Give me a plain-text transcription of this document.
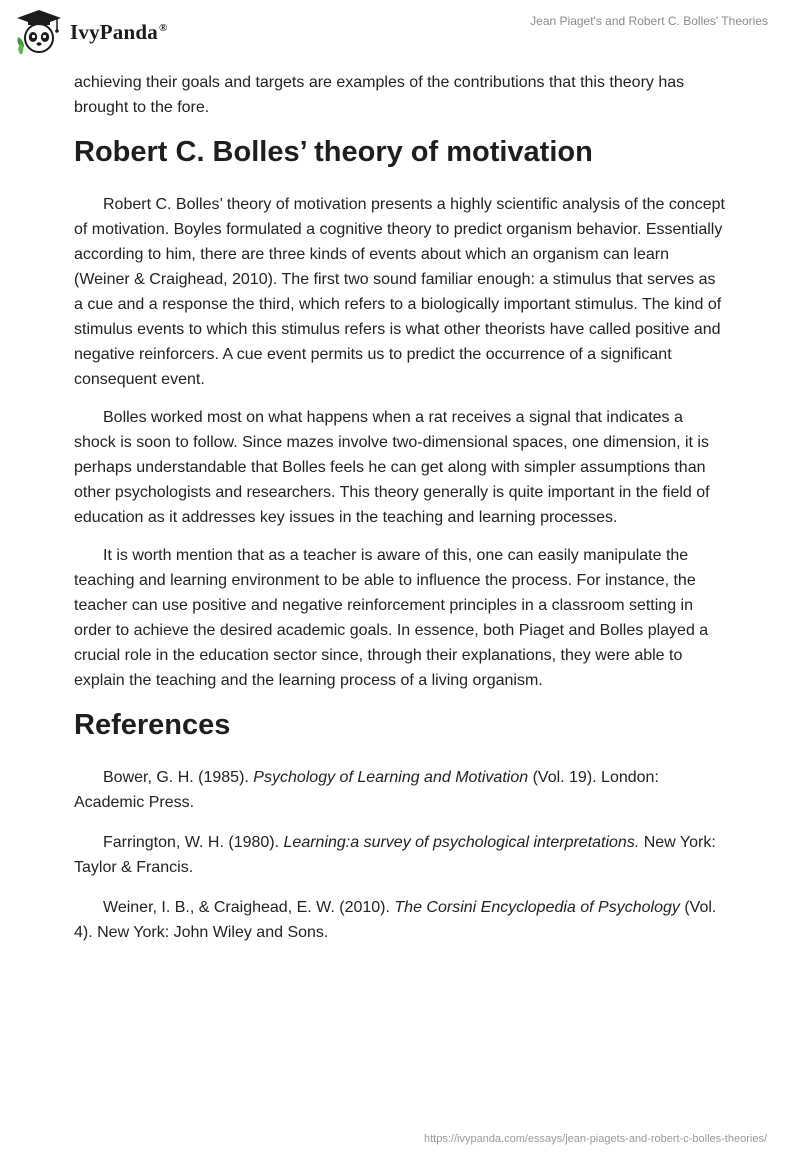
IvyPanda®	Jean Piaget's and Robert C. Bolles' Theories

achieving their goals and targets are examples of the contributions that this theory has brought to the fore.

Robert C. Bolles’ theory of motivation

Robert C. Bolles’ theory of motivation presents a highly scientific analysis of the concept of motivation. Boyles formulated a cognitive theory to predict organism behavior. Essentially according to him, there are three kinds of events about which an organism can learn (Weiner & Craighead, 2010). The first two sound familiar enough: a stimulus that serves as a cue and a response the third, which refers to a biologically important stimulus. The kind of stimulus events to which this stimulus refers is what other theorists have called positive and negative reinforcers. A cue event permits us to predict the occurrence of a significant consequent event.

Bolles worked most on what happens when a rat receives a signal that indicates a shock is soon to follow. Since mazes involve two-dimensional spaces, one dimension, it is perhaps understandable that Bolles feels he can get along with simpler assumptions than other psychologists and researchers. This theory generally is quite important in the field of education as it addresses key issues in the teaching and learning processes.

It is worth mention that as a teacher is aware of this, one can easily manipulate the teaching and learning environment to be able to influence the process. For instance, the teacher can use positive and negative reinforcement principles in a classroom setting in order to achieve the desired academic goals. In essence, both Piaget and Bolles played a crucial role in the education sector since, through their explanations, they were able to explain the teaching and the learning process of a living organism.

References

Bower, G. H. (1985). Psychology of Learning and Motivation (Vol. 19). London: Academic Press.

Farrington, W. H. (1980). Learning:a survey of psychological interpretations. New York: Taylor & Francis.

Weiner, I. B., & Craighead, E. W. (2010). The Corsini Encyclopedia of Psychology (Vol. 4). New York: John Wiley and Sons.

https://ivypanda.com/essays/jean-piagets-and-robert-c-bolles-theories/
